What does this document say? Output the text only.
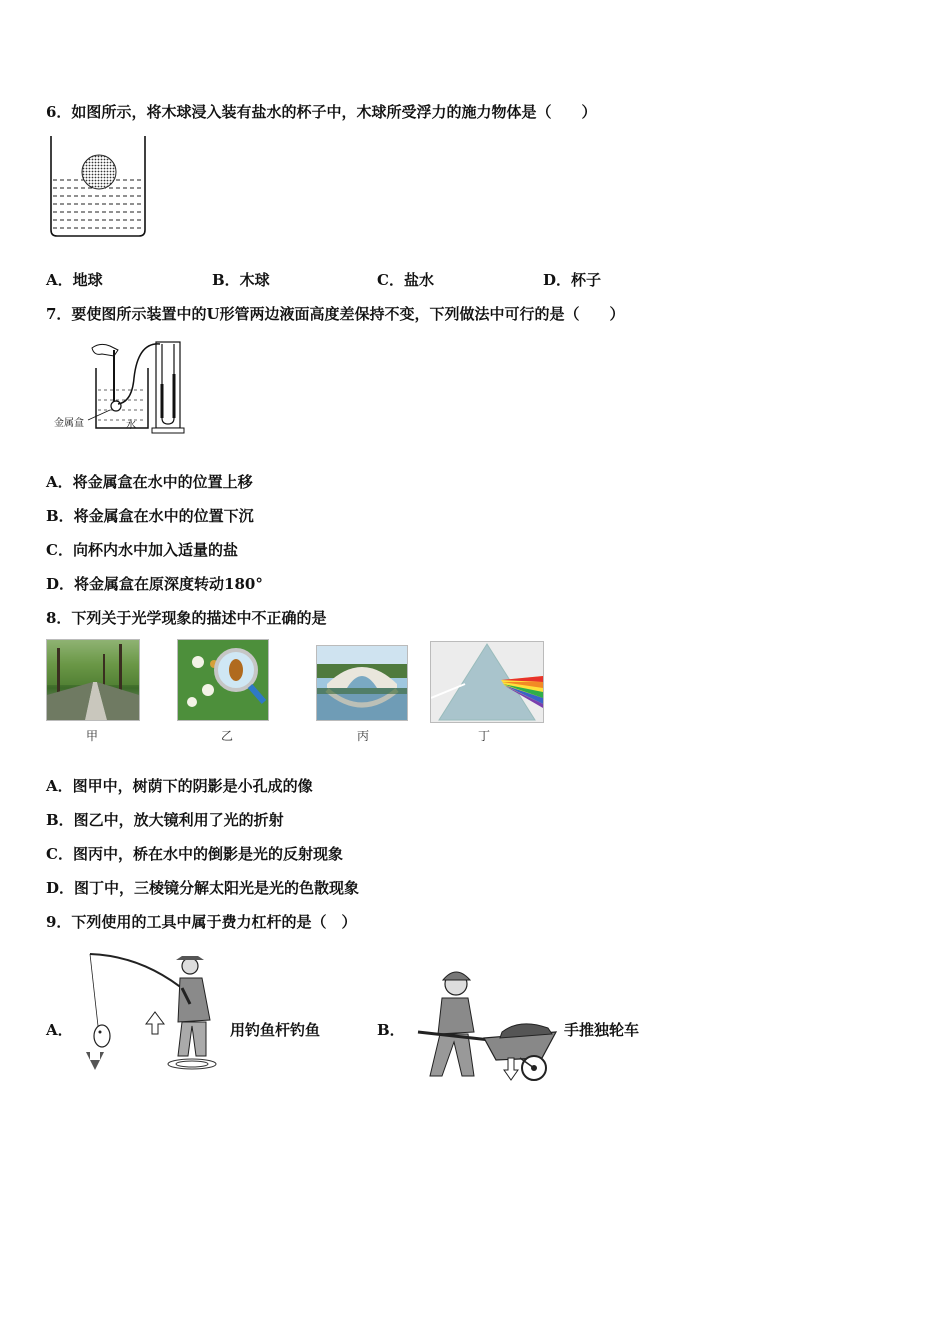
6．如图所示，将木球浸入装有盐水的杯子中，木球所受浮力的施力物体是（　　）
A．地球	B．木球	C．盐水	D．杯子
7．要使图所示装置中的U形管两边液面高度差保持不变，下列做法中可行的是（　　）
金属盒	水
A．将金属盒在水中的位置上移
B．将金属盒在水中的位置下沉
C．向杯内水中加入适量的盐
D．将金属盒在原深度转动180°
8．下列关于光学现象的描述中不正确的是
甲	乙	丙	丁
A．图甲中，树荫下的阴影是小孔成的像
B．图乙中，放大镜利用了光的折射
C．图丙中，桥在水中的倒影是光的反射现象
D．图丁中，三棱镜分解太阳光是光的色散现象
9．下列使用的工具中属于费力杠杆的是（　）
A．	用钓鱼杆钓鱼	B．	手推独轮车
